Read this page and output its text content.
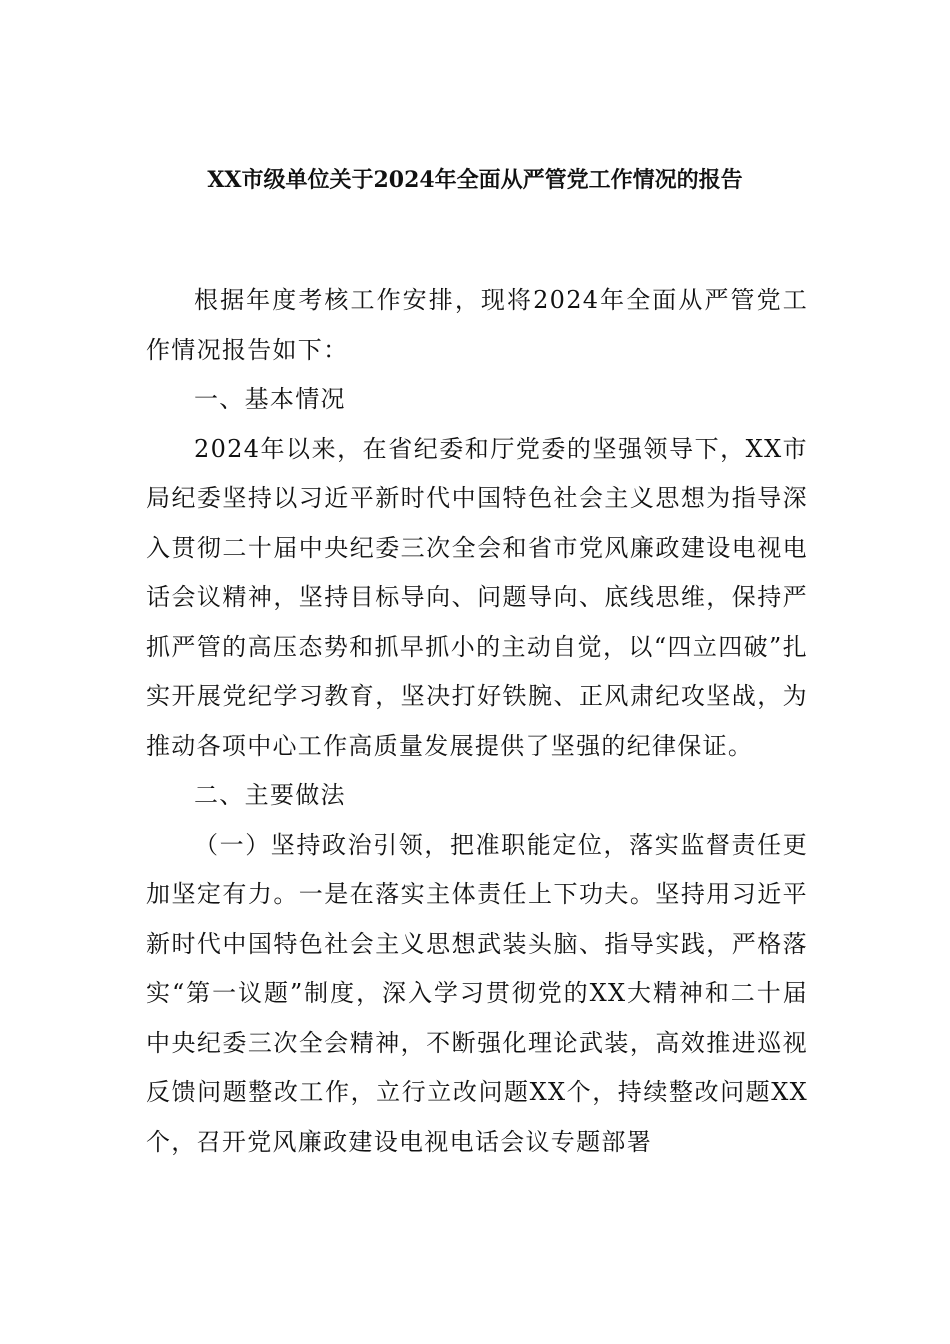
XX市级单位关于2024年全面从严管党工作情况的报告

根据年度考核工作安排，现将2024年全面从严管党工作情况报告如下：

一、基本情况

2024年以来，在省纪委和厅党委的坚强领导下，XX市局纪委坚持以习近平新时代中国特色社会主义思想为指导深入贯彻二十届中央纪委三次全会和省市党风廉政建设电视电话会议精神，坚持目标导向、问题导向、底线思维，保持严抓严管的高压态势和抓早抓小的主动自觉，以“四立四破”扎实开展党纪学习教育，坚决打好铁腕、正风肃纪攻坚战，为推动各项中心工作高质量发展提供了坚强的纪律保证。

二、主要做法

（一）坚持政治引领，把准职能定位，落实监督责任更加坚定有力。一是在落实主体责任上下功夫。坚持用习近平新时代中国特色社会主义思想武装头脑、指导实践，严格落实“第一议题”制度，深入学习贯彻党的XX大精神和二十届中央纪委三次全会精神，不断强化理论武装，高效推进巡视反馈问题整改工作，立行立改问题XX个，持续整改问题XX个，召开党风廉政建设电视电话会议专题部署
